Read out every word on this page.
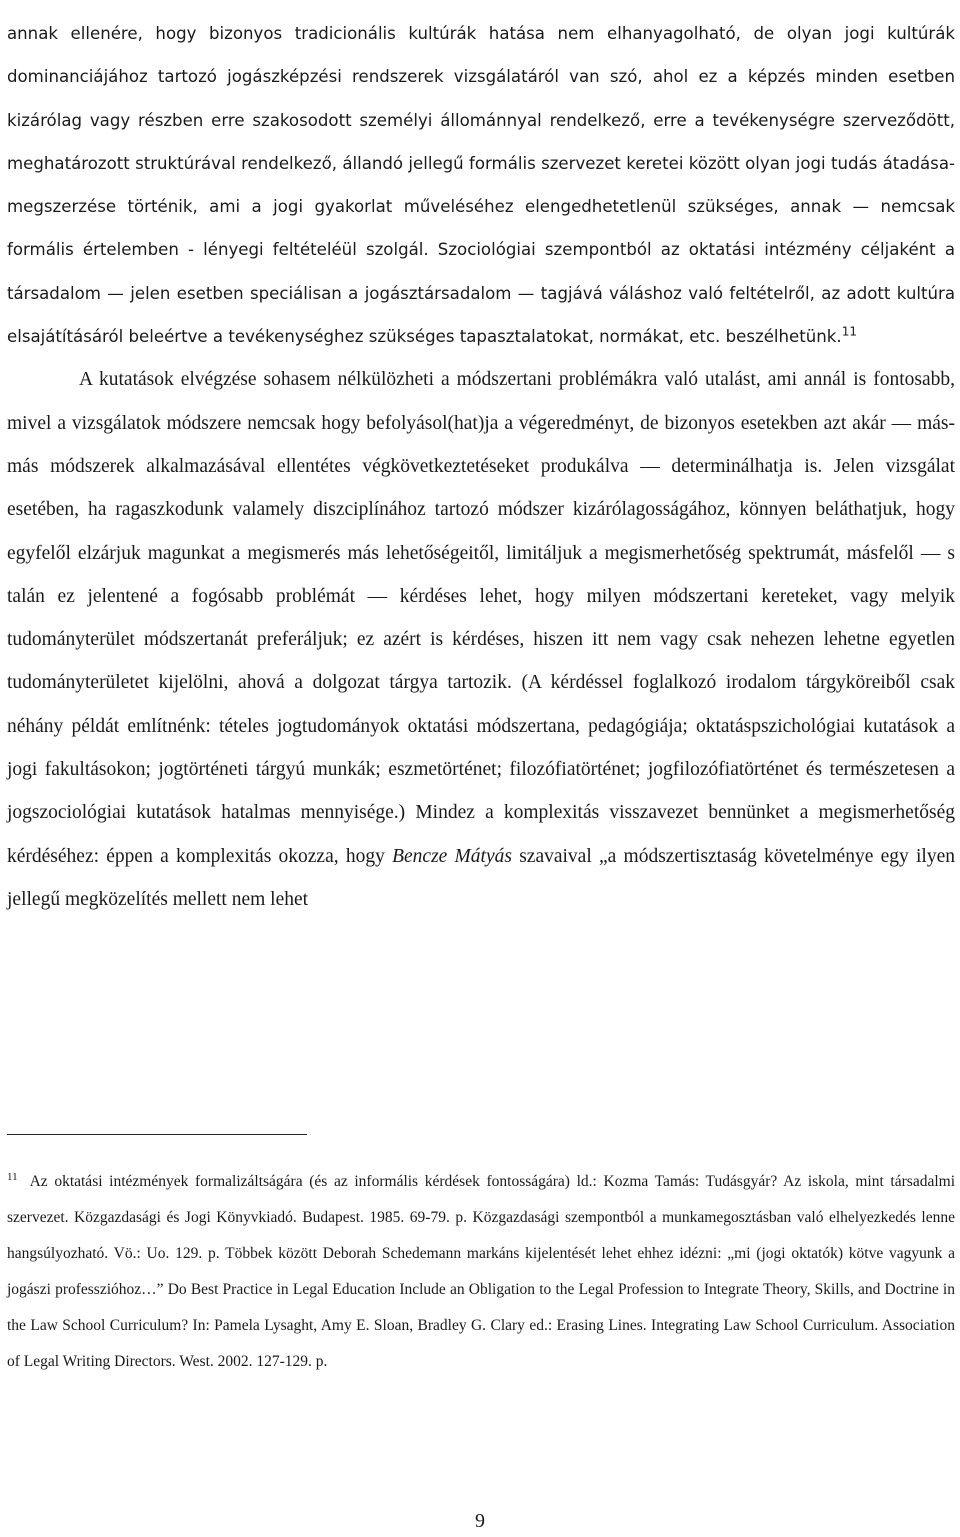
annak ellenére, hogy bizonyos tradicionális kultúrák hatása nem elhanyagolható, de olyan jogi kultúrák dominanciájához tartozó jogászképzési rendszerek vizsgálatáról van szó, ahol ez a képzés minden esetben kizárólag vagy részben erre szakosodott személyi állománnyal rendelkező, erre a tevékenységre szerveződött, meghatározott struktúrával rendelkező, állandó jellegű formális szervezet keretei között olyan jogi tudás átadása-megszerzése történik, ami a jogi gyakorlat műveléséhez elengedhetetlenül szükséges, annak — nemcsak formális értelemben - lényegi feltételéül szolgál. Szociológiai szempontból az oktatási intézmény céljaként a társadalom — jelen esetben speciálisan a jogásztársadalom — tagjává váláshoz való feltételről, az adott kultúra elsajátításáról beleértve a tevékenységhez szükséges tapasztalatokat, normákat, etc. beszélhetünk.$^{11}$

A kutatások elvégzése sohasem nélkülözheti a módszertani problémákra való utalást, ami annál is fontosabb, mivel a vizsgálatok módszere nemcsak hogy befolyásol(hat)ja a végeredményt, de bizonyos esetekben azt akár — más-más módszerek alkalmazásával ellentétes végkövetkeztetéseket produkálva — determinálhatja is. Jelen vizsgálat esetében, ha ragaszkodunk valamely diszciplínához tartozó módszer kizárólagosságához, könnyen beláthatjuk, hogy egyfelől elzárjuk magunkat a megismerés más lehetőségeitől, limitáljuk a megismerhetőség spektrumát, másfelől — s talán ez jelentené a fogósabb problémát — kérdéses lehet, hogy milyen módszertani kereteket, vagy melyik tudományterület módszertanát preferáljuk; ez azért is kérdéses, hiszen itt nem vagy csak nehezen lehetne egyetlen tudományterületet kijelölni, ahová a dolgozat tárgya tartozik. (A kérdéssel foglalkozó irodalom tárgyköreiből csak néhány példát említnénk: tételes jogtudományok oktatási módszertana, pedagógiája; oktatáspszichológiai kutatások a jogi fakultásokon; jogtörténeti tárgyú munkák; eszmetörténet; filozófiatörténet; jogfilozófiatörténet és természetesen a jogszociológiai kutatások hatalmas mennyisége.) Mindez a komplexitás visszavezet bennünket a megismerhetőség kérdéséhez: éppen a komplexitás okozza, hogy Bencze Mátyás szavaival „a módszertisztaság követelménye egy ilyen jellegű megközelítés mellett nem lehet

$^{11}$ Az oktatási intézmények formalizáltságára (és az informális kérdések fontosságára) ld.: Kozma Tamás: Tudásgyár? Az iskola, mint társadalmi szervezet. Közgazdasági és Jogi Könyvkiadó. Budapest. 1985. 69-79. p. Közgazdasági szempontból a munkamegosztásban való elhelyezkedés lenne hangsúlyozható. Vö.: Uo. 129. p. Többek között Deborah Schedemann markáns kijelentését lehet ehhez idézni: „mi (jogi oktatók) kötve vagyunk a jogászi professzióhoz…” Do Best Practice in Legal Education Include an Obligation to the Legal Profession to Integrate Theory, Skills, and Doctrine in the Law School Curriculum? In: Pamela Lysaght, Amy E. Sloan, Bradley G. Clary ed.: Erasing Lines. Integrating Law School Curriculum. Association of Legal Writing Directors. West. 2002. 127-129. p.

9
